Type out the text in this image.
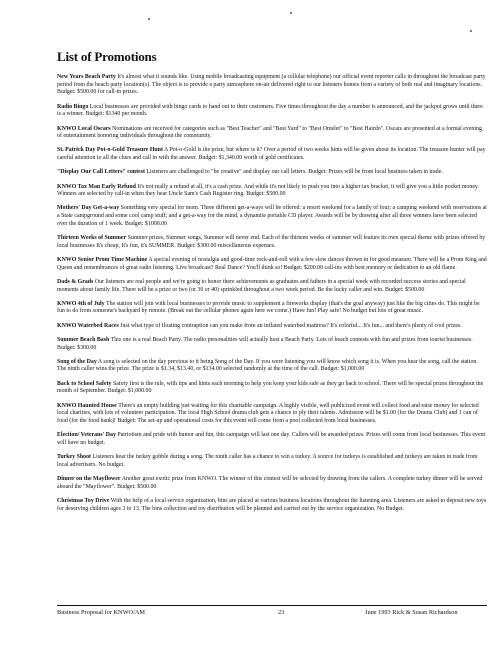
List of Promotions

New Years Beach Party It's almost what it sounds like. Using mobile broadcasting equipment (a cellular telephone) our official event reporter calls in throughout the broadcast party period from the beach party location(s). The object is to provide a party atmosphere on-air delivered right to our listeners homes from a variety of both real and imaginary locations. Budget: $500.00 for call-in prizes.

Radio Bingo Local businesses are provided with bingo cards to hand out to their customers. Five times throughout the day a number is announced, and the jackpot grows until there is a winner. Budget: $1340 per month.

KNWO Local Oscars Nominations are received for categories such as "Best Teacher" and "Best Yard" to "Best Omelet" to "Best Hairdo". Oscars are presented at a formal evening of entertainment honoring individuals throughout the community.

St. Patrick Day Pot-o-Gold Treasure Hunt A Pot-o-Gold is the prize, but where is it? Over a period of two weeks hints will be given about its location. The treasure hunter will pay careful attention to all the clues and call in with the answer. Budget: $1,340.00 worth of gold certificates.

"Display Our Call Letters" contest Listeners are challenged to "be creative" and display our call letters. Budget: Prizes will be from local business taken in trade.

KNWO Tax Man Early Refund It's not really a refund at all, it's a cash prize. And while it's not likely to push you into a higher tax bracket, it will give you a little pocket money. Winners are selected by call-in when they hear Uncle Sam's Cash Register ring. Budget: $500.00

Mothers' Day Get-a-way Something very special for mom. Three different get-a-ways will be offered: a resort weekend for a family of four; a camping weekend with reservations at a State campground and some cool camp stuff; and a get-a-way for the mind, a dynamite portable CD player. Awards will be by drawing after all three winners have been selected over the duration of 1 week. Budget: $1000.00

Thirteen Weeks of Summer Summer prizes, Summer songs, Summer will never end. Each of the thirteen weeks of summer will feature its own special theme with prizes offered by local businesses It's cheap, It's fun, it's SUMMER. Budget: $300.00 miscellaneous expenses.

KNWO Senior Prom Time Machine A special evening of nostalgia and good-time rock-and-roll with a few slow dances thrown in for good measure. There will be a Prom King and Queen and remembrances of great radio listening. Live broadcast? Real Dance? You'll think so! Budget: $200.00 call-ins with best memory or dedication to an old flame.

Dads & Grads Our listeners are real people and we're going to honor there achievements as graduates and fathers in a special week with recorded success stories and special moments about family life. There will be a prize or two (or 30 or 40) sprinkled throughout a two week period. Be the lucky caller and win. Budget: $500.00

KNWO 4th of July The station will join with local businesses to provide music to supplement a fireworks display (that's the goal anyway) just like the big cities do. This might be fun to do from someone's backyard by remote. (Break out the cellular phones again here we come.) Have fun! Play safe! No budget but lots of great music.

KNWO Waterbed Races Just what type of floating contraption can you make from an inflated waterbed mattress? It's colorful... It's fun... and there's plenty of cool prizes.

Summer Beach Bash This one is a real Beach Party. The radio personalities will actually host a Beach Party. Lots of beach contests with fun and prizes from tourist businesses. Budget: $300.00

Song of the Day A song is selected on the day previous to it being Song of the Day. If you were listening you will know which song it is. When you hear the song, call the station. The ninth caller wins the prize. The prize is $1.34, $13.40, or $134.00 selected randomly at the time of the call. Budget: $1,000.00

Back to School Safety Safety first is the rule, with tips and hints each morning to help you keep your kids safe as they go back to school. There will be special prizes throughout the month of September. Budget: $1,000.00

KNWO Haunted House There's an empty building just waiting for this charitable campaign. A highly visible, well publicized event will collect food and raise money for selected local charities, with lots of volunteer participation. The local High School drama club gets a chance to ply their talents. Admission will be $1.00 (for the Drama Club) and 1 can of food (for the food bank)! Budget: The set-up and operational costs for this event will come from a pool collected from local businesses.

Election/ Veterans' Day Patriotism and pride with humor and fun, this campaign will last one day. Callers will be awarded prizes. Prizes will come from local businesses. This event will have no budget.

Turkey Shoot Listeners hear the turkey gobble during a song. The ninth caller has a chance to win a turkey. A source for turkeys is established and turkeys are taken in trade from local advertisers. No budget.

Dinner on the Mayflower Another great exotic prize from KNWO. The winner of this contest will be selected by drawing from the callers. A complete turkey dinner will be served aboard the "Mayflower". Budget: $500.00

Christmas Toy Drive With the help of a local service organization, bins are placed at various business locations throughout the listening area. Listeners are asked to deposit new toys for deserving children ages 3 to 13. The bins collection and toy distribution will be planned and carried out by the service organization. No Budget.

Business Proposal for KNWO/AM	23	June 1993 Rick & Susan Richardson
